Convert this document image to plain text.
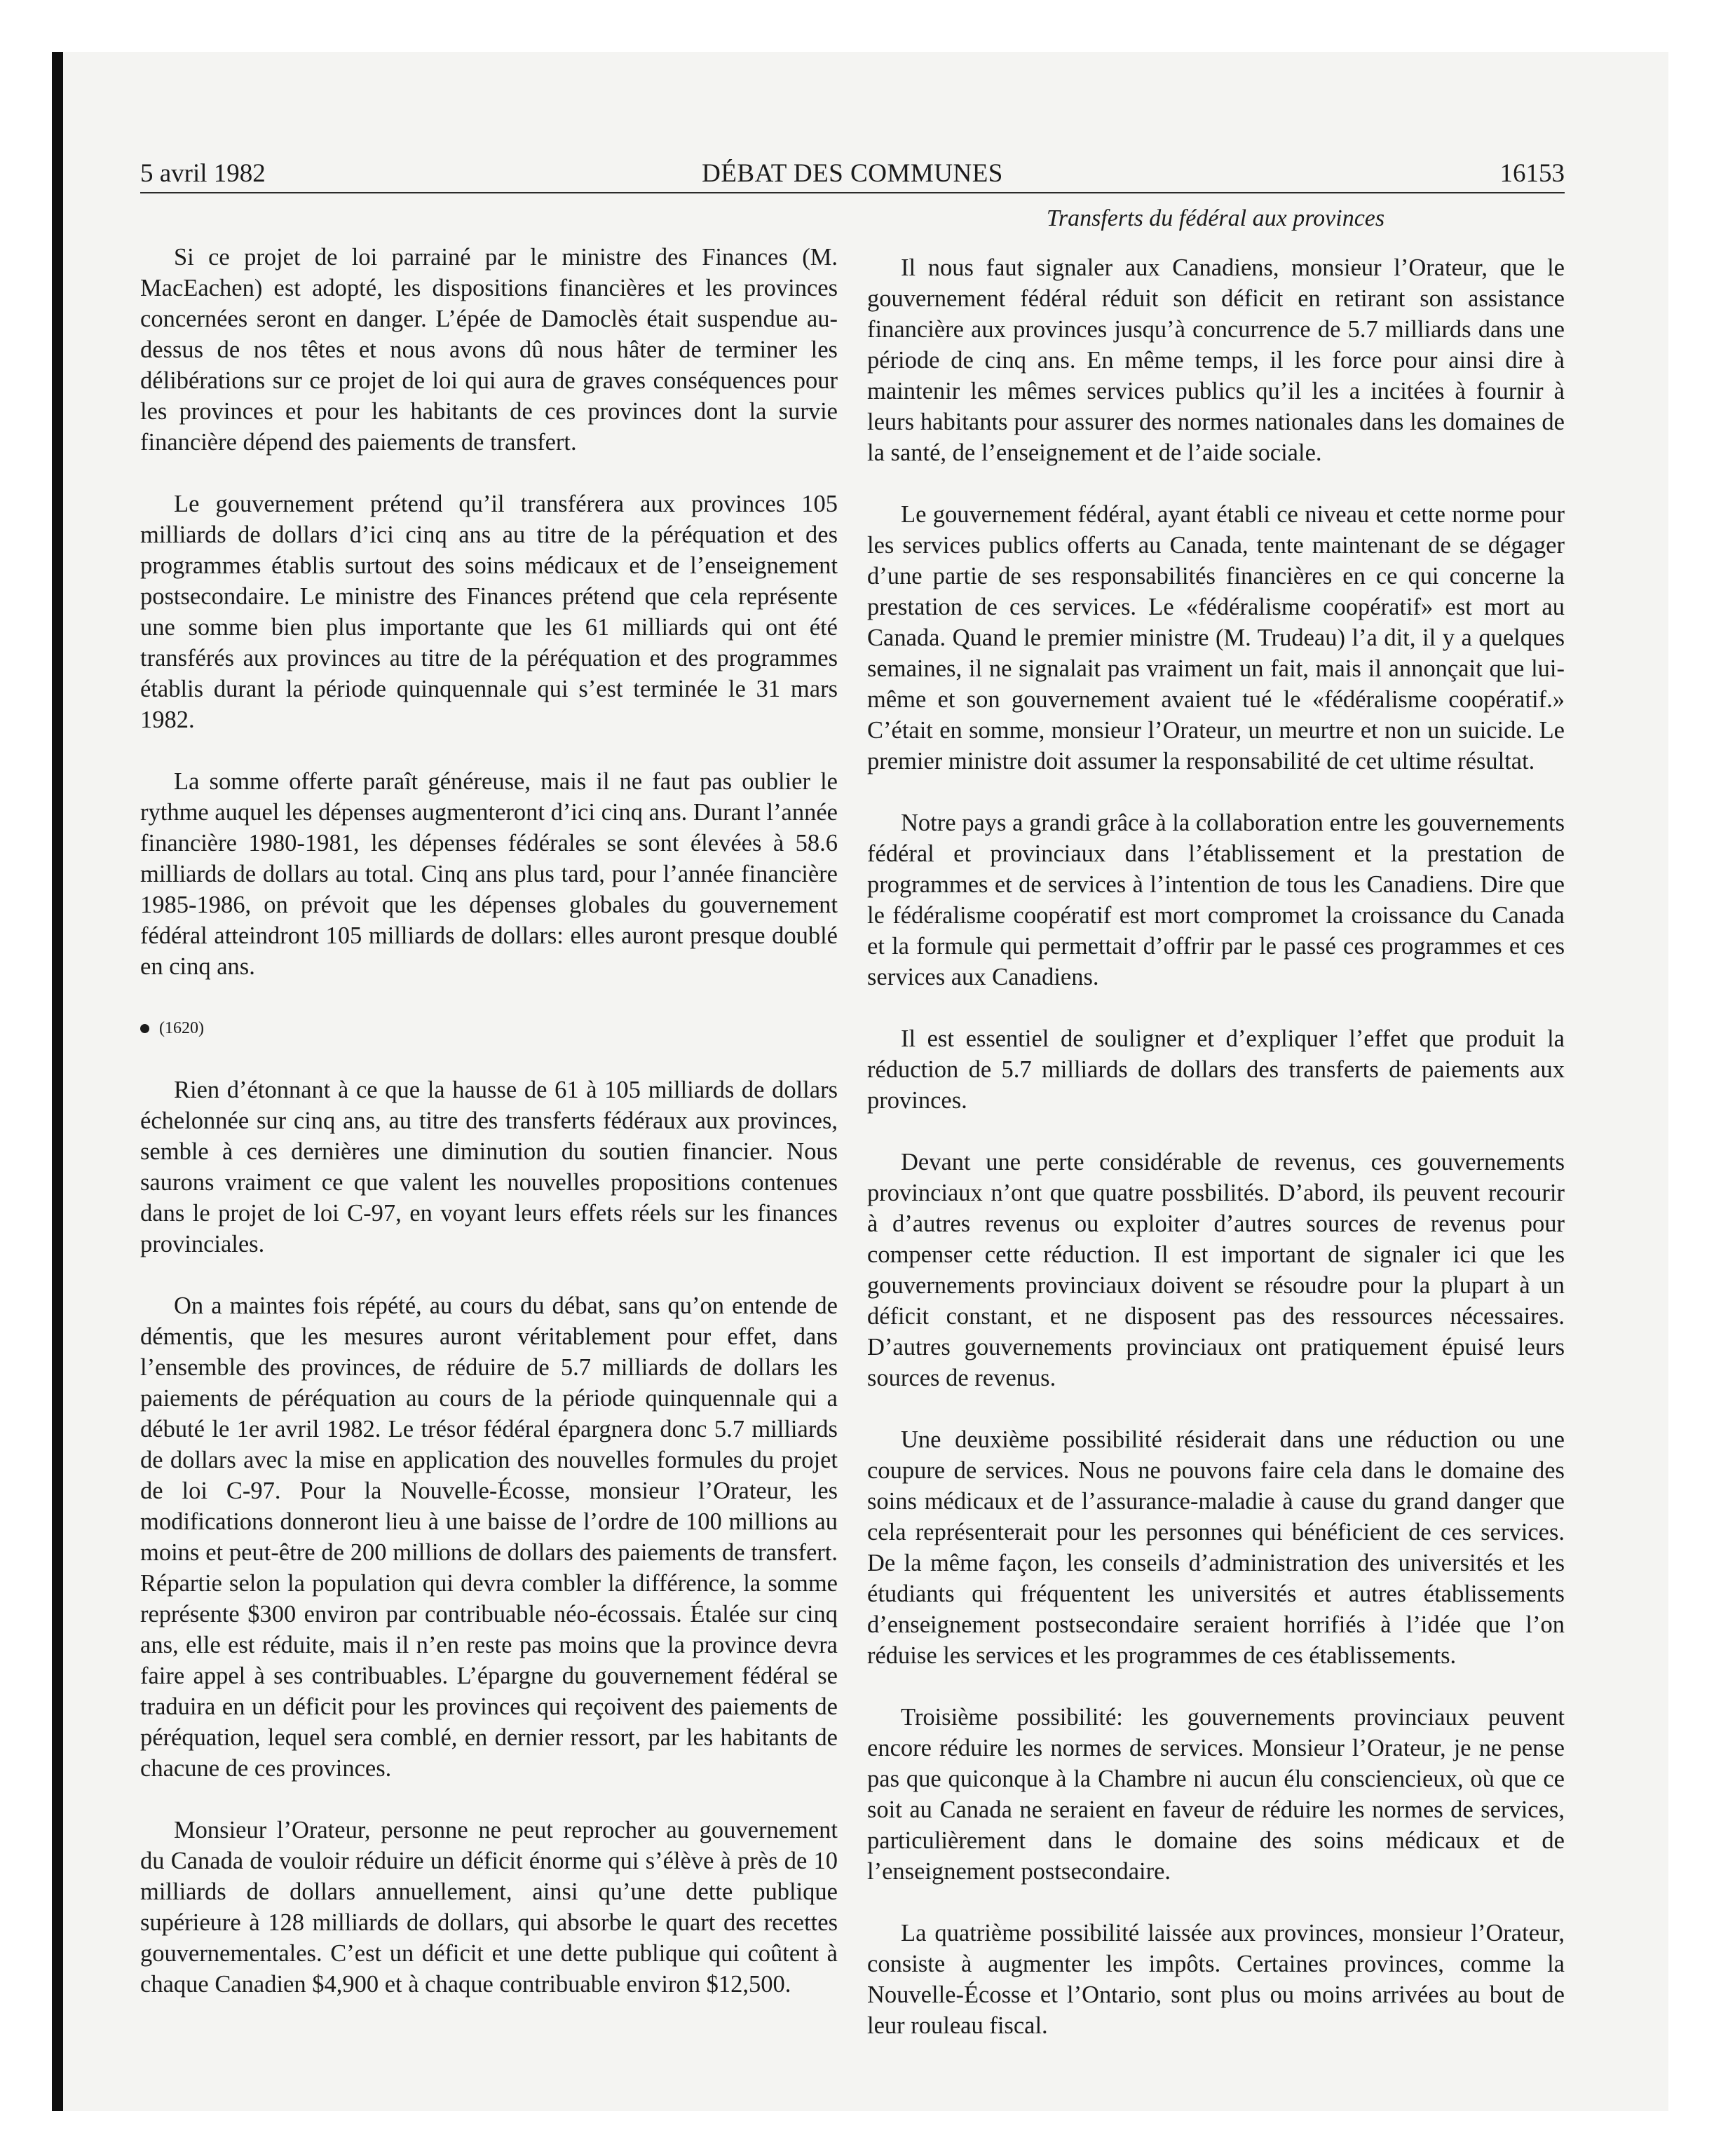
5 avril 1982	DÉBAT DES COMMUNES	16153
Transferts du fédéral aux provinces

Si ce projet de loi parrainé par le ministre des Finances (M. MacEachen) est adopté, les dispositions financières et les provinces concernées seront en danger. L’épée de Damoclès était suspendue au-dessus de nos têtes et nous avons dû nous hâter de terminer les délibérations sur ce projet de loi qui aura de graves conséquences pour les provinces et pour les habitants de ces provinces dont la survie financière dépend des paiements de transfert.

Le gouvernement prétend qu’il transférera aux provinces 105 milliards de dollars d’ici cinq ans au titre de la péréquation et des programmes établis surtout des soins médicaux et de l’enseignement postsecondaire. Le ministre des Finances prétend que cela représente une somme bien plus importante que les 61 milliards qui ont été transférés aux provinces au titre de la péréquation et des programmes établis durant la période quinquennale qui s’est terminée le 31 mars 1982.

La somme offerte paraît généreuse, mais il ne faut pas oublier le rythme auquel les dépenses augmenteront d’ici cinq ans. Durant l’année financière 1980-1981, les dépenses fédérales se sont élevées à 58.6 milliards de dollars au total. Cinq ans plus tard, pour l’année financière 1985-1986, on prévoit que les dépenses globales du gouvernement fédéral atteindront 105 milliards de dollars: elles auront presque doublé en cinq ans.

(1620)

Rien d’étonnant à ce que la hausse de 61 à 105 milliards de dollars échelonnée sur cinq ans, au titre des transferts fédéraux aux provinces, semble à ces dernières une diminution du soutien financier. Nous saurons vraiment ce que valent les nouvelles propositions contenues dans le projet de loi C-97, en voyant leurs effets réels sur les finances provinciales.

On a maintes fois répété, au cours du débat, sans qu’on entende de démentis, que les mesures auront véritablement pour effet, dans l’ensemble des provinces, de réduire de 5.7 milliards de dollars les paiements de péréquation au cours de la période quinquennale qui a débuté le 1er avril 1982. Le trésor fédéral épargnera donc 5.7 milliards de dollars avec la mise en application des nouvelles formules du projet de loi C-97. Pour la Nouvelle-Écosse, monsieur l’Orateur, les modifications donneront lieu à une baisse de l’ordre de 100 millions au moins et peut-être de 200 millions de dollars des paiements de transfert. Répartie selon la population qui devra combler la différence, la somme représente $300 environ par contribuable néo-écossais. Étalée sur cinq ans, elle est réduite, mais il n’en reste pas moins que la province devra faire appel à ses contribuables. L’épargne du gouvernement fédéral se traduira en un déficit pour les provinces qui reçoivent des paiements de péréquation, lequel sera comblé, en dernier ressort, par les habitants de chacune de ces provinces.

Monsieur l’Orateur, personne ne peut reprocher au gouvernement du Canada de vouloir réduire un déficit énorme qui s’élève à près de 10 milliards de dollars annuellement, ainsi qu’une dette publique supérieure à 128 milliards de dollars, qui absorbe le quart des recettes gouvernementales. C’est un déficit et une dette publique qui coûtent à chaque Canadien $4,900 et à chaque contribuable environ $12,500.

Il nous faut signaler aux Canadiens, monsieur l’Orateur, que le gouvernement fédéral réduit son déficit en retirant son assistance financière aux provinces jusqu’à concurrence de 5.7 milliards dans une période de cinq ans. En même temps, il les force pour ainsi dire à maintenir les mêmes services publics qu’il les a incitées à fournir à leurs habitants pour assurer des normes nationales dans les domaines de la santé, de l’enseignement et de l’aide sociale.

Le gouvernement fédéral, ayant établi ce niveau et cette norme pour les services publics offerts au Canada, tente maintenant de se dégager d’une partie de ses responsabilités financières en ce qui concerne la prestation de ces services. Le «fédéralisme coopératif» est mort au Canada. Quand le premier ministre (M. Trudeau) l’a dit, il y a quelques semaines, il ne signalait pas vraiment un fait, mais il annonçait que lui-même et son gouvernement avaient tué le «fédéralisme coopératif.» C’était en somme, monsieur l’Orateur, un meurtre et non un suicide. Le premier ministre doit assumer la responsabilité de cet ultime résultat.

Notre pays a grandi grâce à la collaboration entre les gouvernements fédéral et provinciaux dans l’établissement et la prestation de programmes et de services à l’intention de tous les Canadiens. Dire que le fédéralisme coopératif est mort compromet la croissance du Canada et la formule qui permettait d’offrir par le passé ces programmes et ces services aux Canadiens.

Il est essentiel de souligner et d’expliquer l’effet que produit la réduction de 5.7 milliards de dollars des transferts de paiements aux provinces.

Devant une perte considérable de revenus, ces gouvernements provinciaux n’ont que quatre possbilités. D’abord, ils peuvent recourir à d’autres revenus ou exploiter d’autres sources de revenus pour compenser cette réduction. Il est important de signaler ici que les gouvernements provinciaux doivent se résoudre pour la plupart à un déficit constant, et ne disposent pas des ressources nécessaires. D’autres gouvernements provinciaux ont pratiquement épuisé leurs sources de revenus.

Une deuxième possibilité résiderait dans une réduction ou une coupure de services. Nous ne pouvons faire cela dans le domaine des soins médicaux et de l’assurance-maladie à cause du grand danger que cela représenterait pour les personnes qui bénéficient de ces services. De la même façon, les conseils d’administration des universités et les étudiants qui fréquentent les universités et autres établissements d’enseignement postsecondaire seraient horrifiés à l’idée que l’on réduise les services et les programmes de ces établissements.

Troisième possibilité: les gouvernements provinciaux peuvent encore réduire les normes de services. Monsieur l’Orateur, je ne pense pas que quiconque à la Chambre ni aucun élu consciencieux, où que ce soit au Canada ne seraient en faveur de réduire les normes de services, particulièrement dans le domaine des soins médicaux et de l’enseignement postsecondaire.

La quatrième possibilité laissée aux provinces, monsieur l’Orateur, consiste à augmenter les impôts. Certaines provinces, comme la Nouvelle-Écosse et l’Ontario, sont plus ou moins arrivées au bout de leur rouleau fiscal.
